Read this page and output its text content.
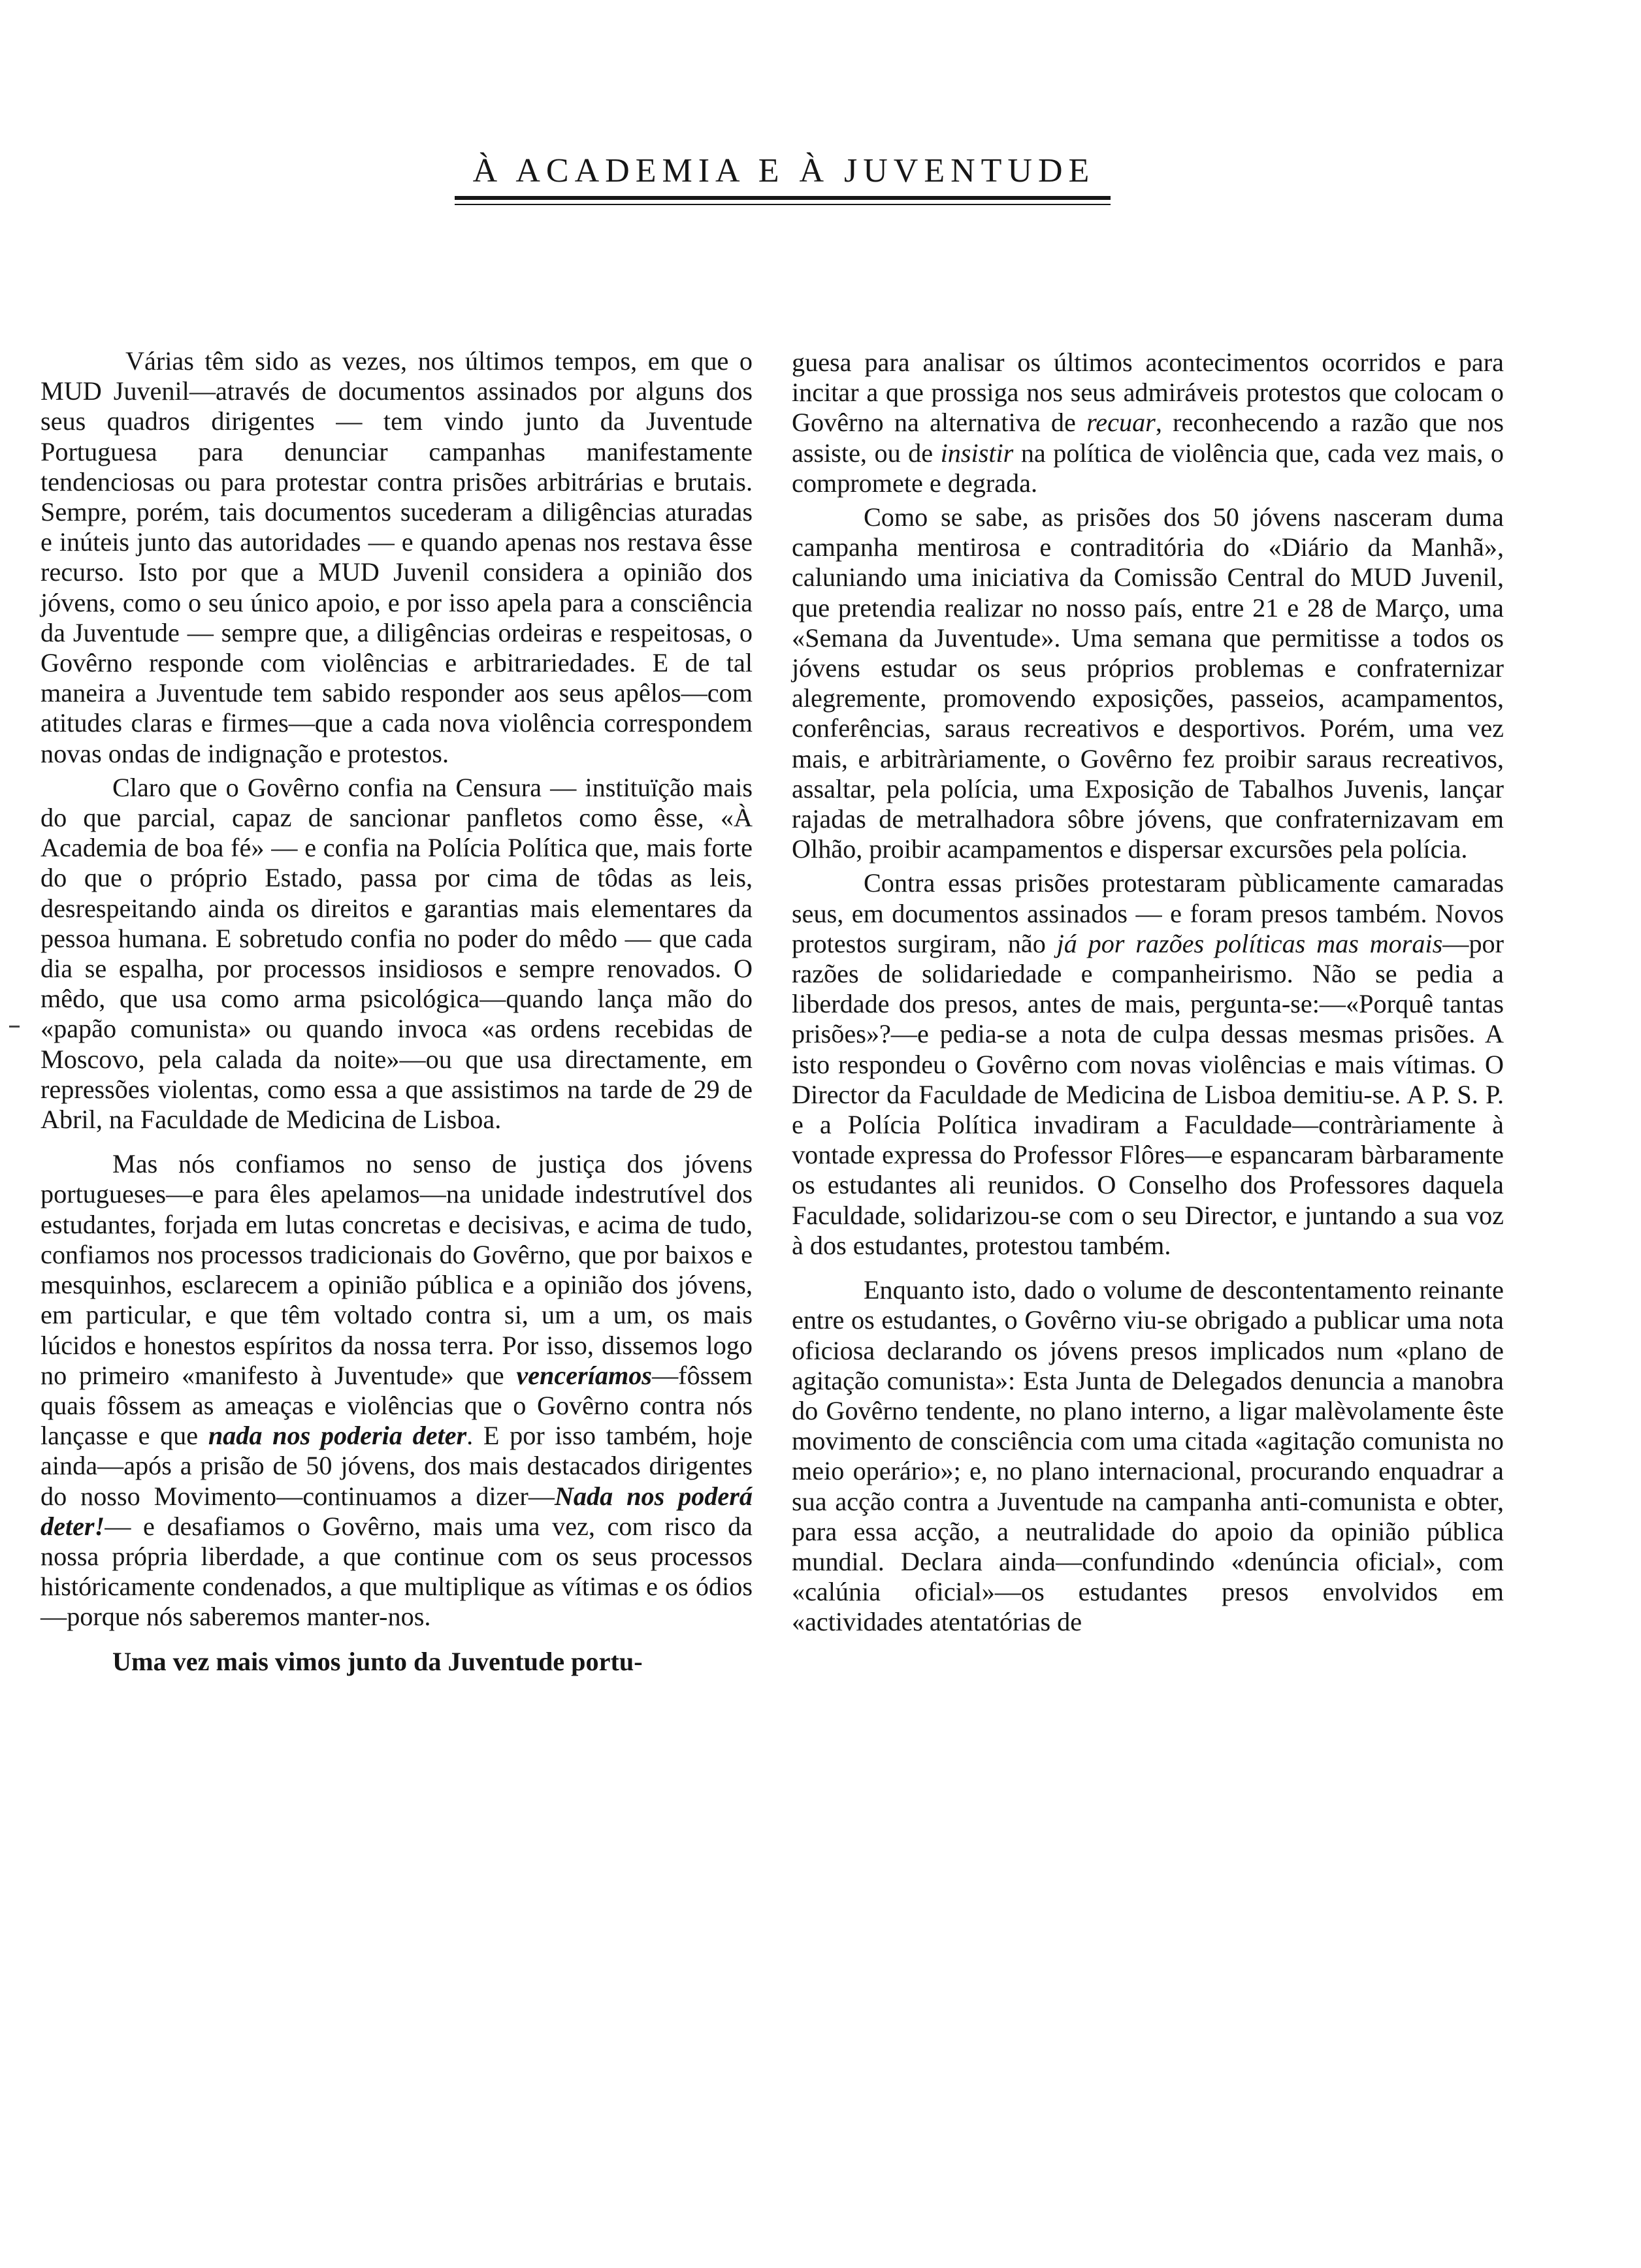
À ACADEMIA E À JUVENTUDE

Várias têm sido as vezes, nos últimos tempos, em que o MUD Juvenil—através de documentos assinados por alguns dos seus quadros dirigentes — tem vindo junto da Juventude Portuguesa para denunciar campanhas manifestamente tendenciosas ou para protestar contra prisões arbitrárias e brutais. Sempre, porém, tais documentos sucederam a diligências aturadas e inúteis junto das autoridades — e quando apenas nos restava êsse recurso. Isto por que a MUD Juvenil considera a opinião dos jóvens, como o seu único apoio, e por isso apela para a consciência da Juventude — sempre que, a diligências ordeiras e respeitosas, o Govêrno responde com violências e arbitrariedades. E de tal maneira a Juventude tem sabido responder aos seus apêlos—com atitudes claras e firmes—que a cada nova violência correspondem novas ondas de indignação e protestos.

Claro que o Govêrno confia na Censura — instituïção mais do que parcial, capaz de sancionar panfletos como êsse, «À Academia de boa fé» — e confia na Polícia Política que, mais forte do que o próprio Estado, passa por cima de tôdas as leis, desrespeitando ainda os direitos e garantias mais elementares da pessoa humana. E sobretudo confia no poder do mêdo — que cada dia se espalha, por processos insidiosos e sempre renovados. O mêdo, que usa como arma psicológica—quando lança mão do «papão comunista» ou quando invoca «as ordens recebidas de Moscovo, pela calada da noite»—ou que usa directamente, em repressões violentas, como essa a que assistimos na tarde de 29 de Abril, na Faculdade de Medicina de Lisboa.

Mas nós confiamos no senso de justiça dos jóvens portugueses—e para êles apelamos—na unidade indestrutível dos estudantes, forjada em lutas concretas e decisivas, e acima de tudo, confiamos nos processos tradicionais do Govêrno, que por baixos e mesquinhos, esclarecem a opinião pública e a opinião dos jóvens, em particular, e que têm voltado contra si, um a um, os mais lúcidos e honestos espíritos da nossa terra. Por isso, dissemos logo no primeiro «manifesto à Juventude» que venceríamos—fôssem quais fôssem as ameaças e violências que o Govêrno contra nós lançasse e que nada nos poderia deter. E por isso também, hoje ainda—após a prisão de 50 jóvens, dos mais destacados dirigentes do nosso Movimento—continuamos a dizer—Nada nos poderá deter!— e desafiamos o Govêrno, mais uma vez, com risco da nossa própria liberdade, a que continue com os seus processos históricamente condenados, a que multiplique as vítimas e os ódios—porque nós saberemos manter-nos.

Uma vez mais vimos junto da Juventude portu-

guesa para analisar os últimos acontecimentos ocorridos e para incitar a que prossiga nos seus admiráveis protestos que colocam o Govêrno na alternativa de recuar, reconhecendo a razão que nos assiste, ou de insistir na política de violência que, cada vez mais, o compromete e degrada.

Como se sabe, as prisões dos 50 jóvens nasceram duma campanha mentirosa e contraditória do «Diário da Manhã», caluniando uma iniciativa da Comissão Central do MUD Juvenil, que pretendia realizar no nosso país, entre 21 e 28 de Março, uma «Semana da Juventude». Uma semana que permitisse a todos os jóvens estudar os seus próprios problemas e confraternizar alegremente, promovendo exposições, passeios, acampamentos, conferências, saraus recreativos e desportivos. Porém, uma vez mais, e arbitràriamente, o Govêrno fez proibir saraus recreativos, assaltar, pela polícia, uma Exposição de Tabalhos Juvenis, lançar rajadas de metralhadora sôbre jóvens, que confraternizavam em Olhão, proibir acampamentos e dispersar excursões pela polícia.

Contra essas prisões protestaram pùblicamente camaradas seus, em documentos assinados — e foram presos também. Novos protestos surgiram, não já por razões políticas mas morais—por razões de solidariedade e companheirismo. Não se pedia a liberdade dos presos, antes de mais, pergunta-se:—«Porquê tantas prisões»?—e pedia-se a nota de culpa dessas mesmas prisões. A isto respondeu o Govêrno com novas violências e mais vítimas. O Director da Faculdade de Medicina de Lisboa demitiu-se. A P. S. P. e a Polícia Política invadiram a Faculdade—contràriamente à vontade expressa do Professor Flôres—e espancaram bàrbaramente os estudantes ali reunidos. O Conselho dos Professores daquela Faculdade, solidarizou-se com o seu Director, e juntando a sua voz à dos estudantes, protestou também.

Enquanto isto, dado o volume de descontentamento reinante entre os estudantes, o Govêrno viu-se obrigado a publicar uma nota oficiosa declarando os jóvens presos implicados num «plano de agitação comunista»: Esta Junta de Delegados denuncia a manobra do Govêrno tendente, no plano interno, a ligar malèvolamente êste movimento de consciência com uma citada «agitação comunista no meio operário»; e, no plano internacional, procurando enquadrar a sua acção contra a Juventude na campanha anti-comunista e obter, para essa acção, a neutralidade do apoio da opinião pública mundial. Declara ainda—confundindo «denúncia oficial», com «calúnia oficial»—os estudantes presos envolvidos em «actividades atentatórias de
